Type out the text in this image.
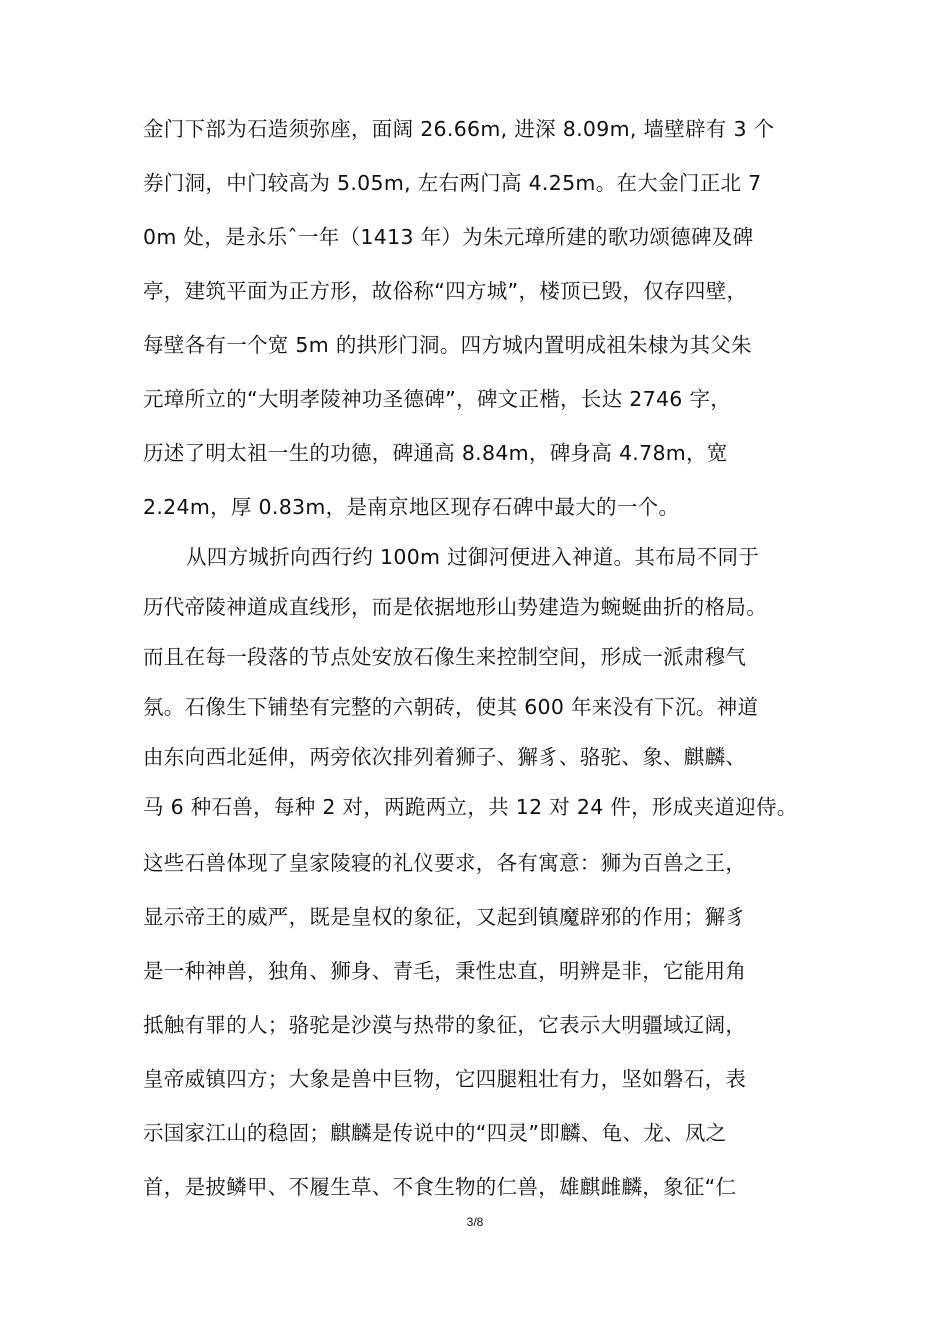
金门下部为石造须弥座，面阔 26.66m, 进深 8.09m, 墙壁辟有 3 个
券门洞，中门较高为 5.05m, 左右两门高 4.25m。在大金门正北 7
0m 处，是永乐ˆ一年（1413 年）为朱元璋所建的歌功颂德碑及碑
亭，建筑平面为正方形，故俗称“四方城”，楼顶已毁，仅存四壁，
每壁各有一个宽 5m 的拱形门洞。四方城内置明成祖朱棣为其父朱
元璋所立的“大明孝陵神功圣德碑”，碑文正楷，长达 2746 字，
历述了明太祖一生的功德，碑通高 8.84m，碑身高 4.78m，宽
2.24m，厚 0.83m，是南京地区现存石碑中最大的一个。
从四方城折向西行约 100m 过御河便进入神道。其布局不同于
历代帝陵神道成直线形，而是依据地形山势建造为蜿蜒曲折的格局。
而且在每一段落的节点处安放石像生来控制空间，形成一派肃穆气
氛。石像生下铺垫有完整的六朝砖，使其 600 年来没有下沉。神道
由东向西北延伸，两旁依次排列着狮子、獬豸、骆驼、象、麒麟、
马 6 种石兽，每种 2 对，两跪两立，共 12 对 24 件，形成夹道迎侍。
这些石兽体现了皇家陵寝的礼仪要求，各有寓意：狮为百兽之王，
显示帝王的威严，既是皇权的象征，又起到镇魔辟邪的作用；獬豸
是一种神兽，独角、狮身、青毛，秉性忠直，明辨是非，它能用角
抵触有罪的人；骆驼是沙漠与热带的象征，它表示大明疆域辽阔，
皇帝威镇四方；大象是兽中巨物，它四腿粗壮有力，坚如磐石，表
示国家江山的稳固；麒麟是传说中的“四灵”即麟、龟、龙、凤之
首，是披鳞甲、不履生草、不食生物的仁兽，雄麒雌麟，象征“仁
3/8
